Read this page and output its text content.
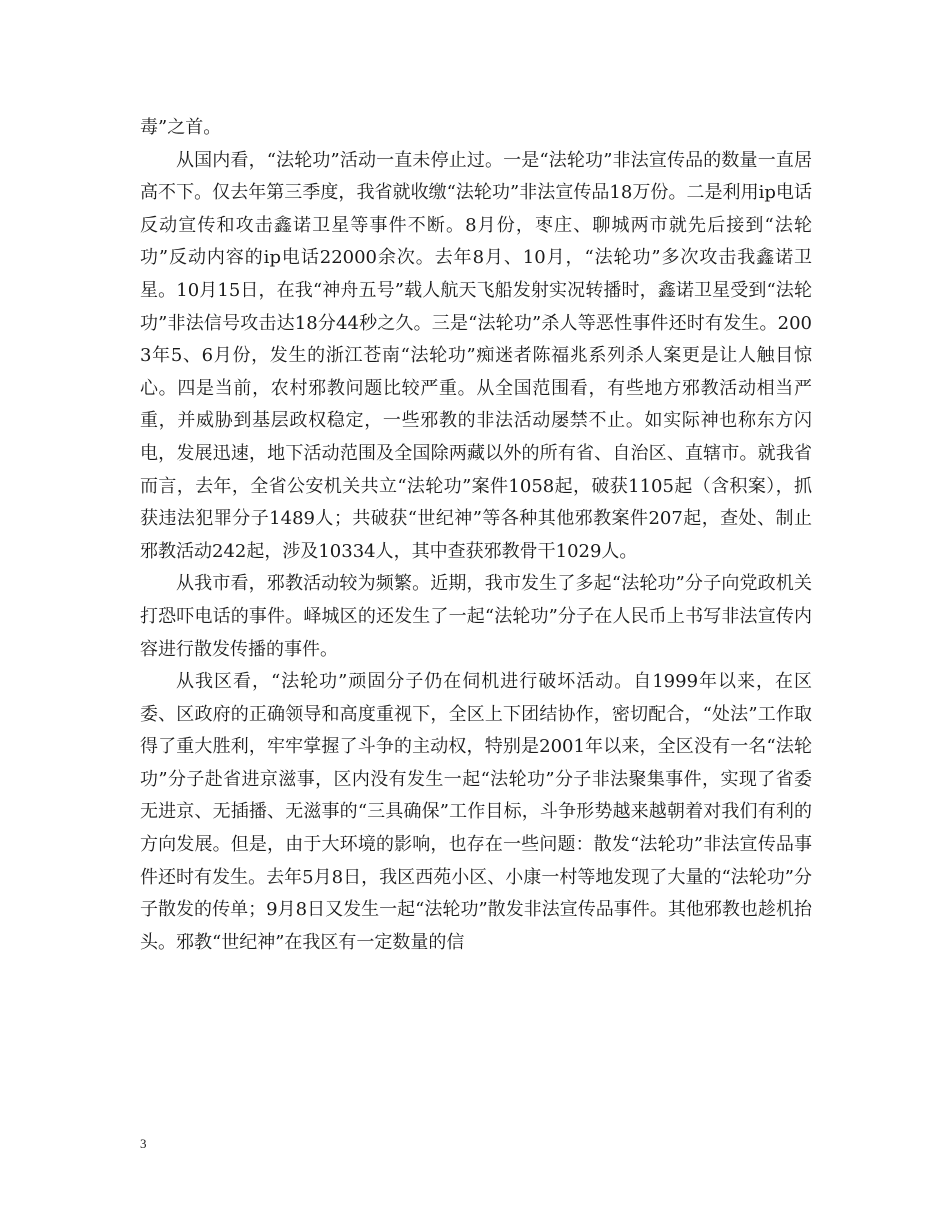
毒”之首。

从国内看，“法轮功”活动一直未停止过。一是“法轮功”非法宣传品的数量一直居高不下。仅去年第三季度，我省就收缴“法轮功”非法宣传品18万份。二是利用ip电话反动宣传和攻击鑫诺卫星等事件不断。8月份，枣庄、聊城两市就先后接到“法轮功”反动内容的ip电话22000余次。去年8月、10月，“法轮功”多次攻击我鑫诺卫星。10月15日，在我“神舟五号”载人航天飞船发射实况转播时，鑫诺卫星受到“法轮功”非法信号攻击达18分44秒之久。三是“法轮功”杀人等恶性事件还时有发生。2003年5、6月份，发生的浙江苍南“法轮功”痴迷者陈福兆系列杀人案更是让人触目惊心。四是当前，农村邪教问题比较严重。从全国范围看，有些地方邪教活动相当严重，并威胁到基层政权稳定，一些邪教的非法活动屡禁不止。如实际神也称东方闪电，发展迅速，地下活动范围及全国除两藏以外的所有省、自治区、直辖市。就我省而言，去年，全省公安机关共立“法轮功”案件1058起，破获1105起（含积案），抓获违法犯罪分子1489人；共破获“世纪神”等各种其他邪教案件207起，查处、制止邪教活动242起，涉及10334人，其中查获邪教骨干1029人。

从我市看，邪教活动较为频繁。近期，我市发生了多起“法轮功”分子向党政机关打恐吓电话的事件。峄城区的还发生了一起“法轮功”分子在人民币上书写非法宣传内容进行散发传播的事件。

从我区看，“法轮功”顽固分子仍在伺机进行破坏活动。自1999年以来，在区委、区政府的正确领导和高度重视下，全区上下团结协作，密切配合，“处法”工作取得了重大胜利，牢牢掌握了斗争的主动权，特别是2001年以来，全区没有一名“法轮功”分子赴省进京滋事，区内没有发生一起“法轮功”分子非法聚集事件，实现了省委无进京、无插播、无滋事的“三具确保”工作目标，斗争形势越来越朝着对我们有利的方向发展。但是，由于大环境的影响，也存在一些问题：散发“法轮功”非法宣传品事件还时有发生。去年5月8日，我区西苑小区、小康一村等地发现了大量的“法轮功”分子散发的传单；9月8日又发生一起“法轮功”散发非法宣传品事件。其他邪教也趁机抬头。邪教“世纪神”在我区有一定数量的信

3
